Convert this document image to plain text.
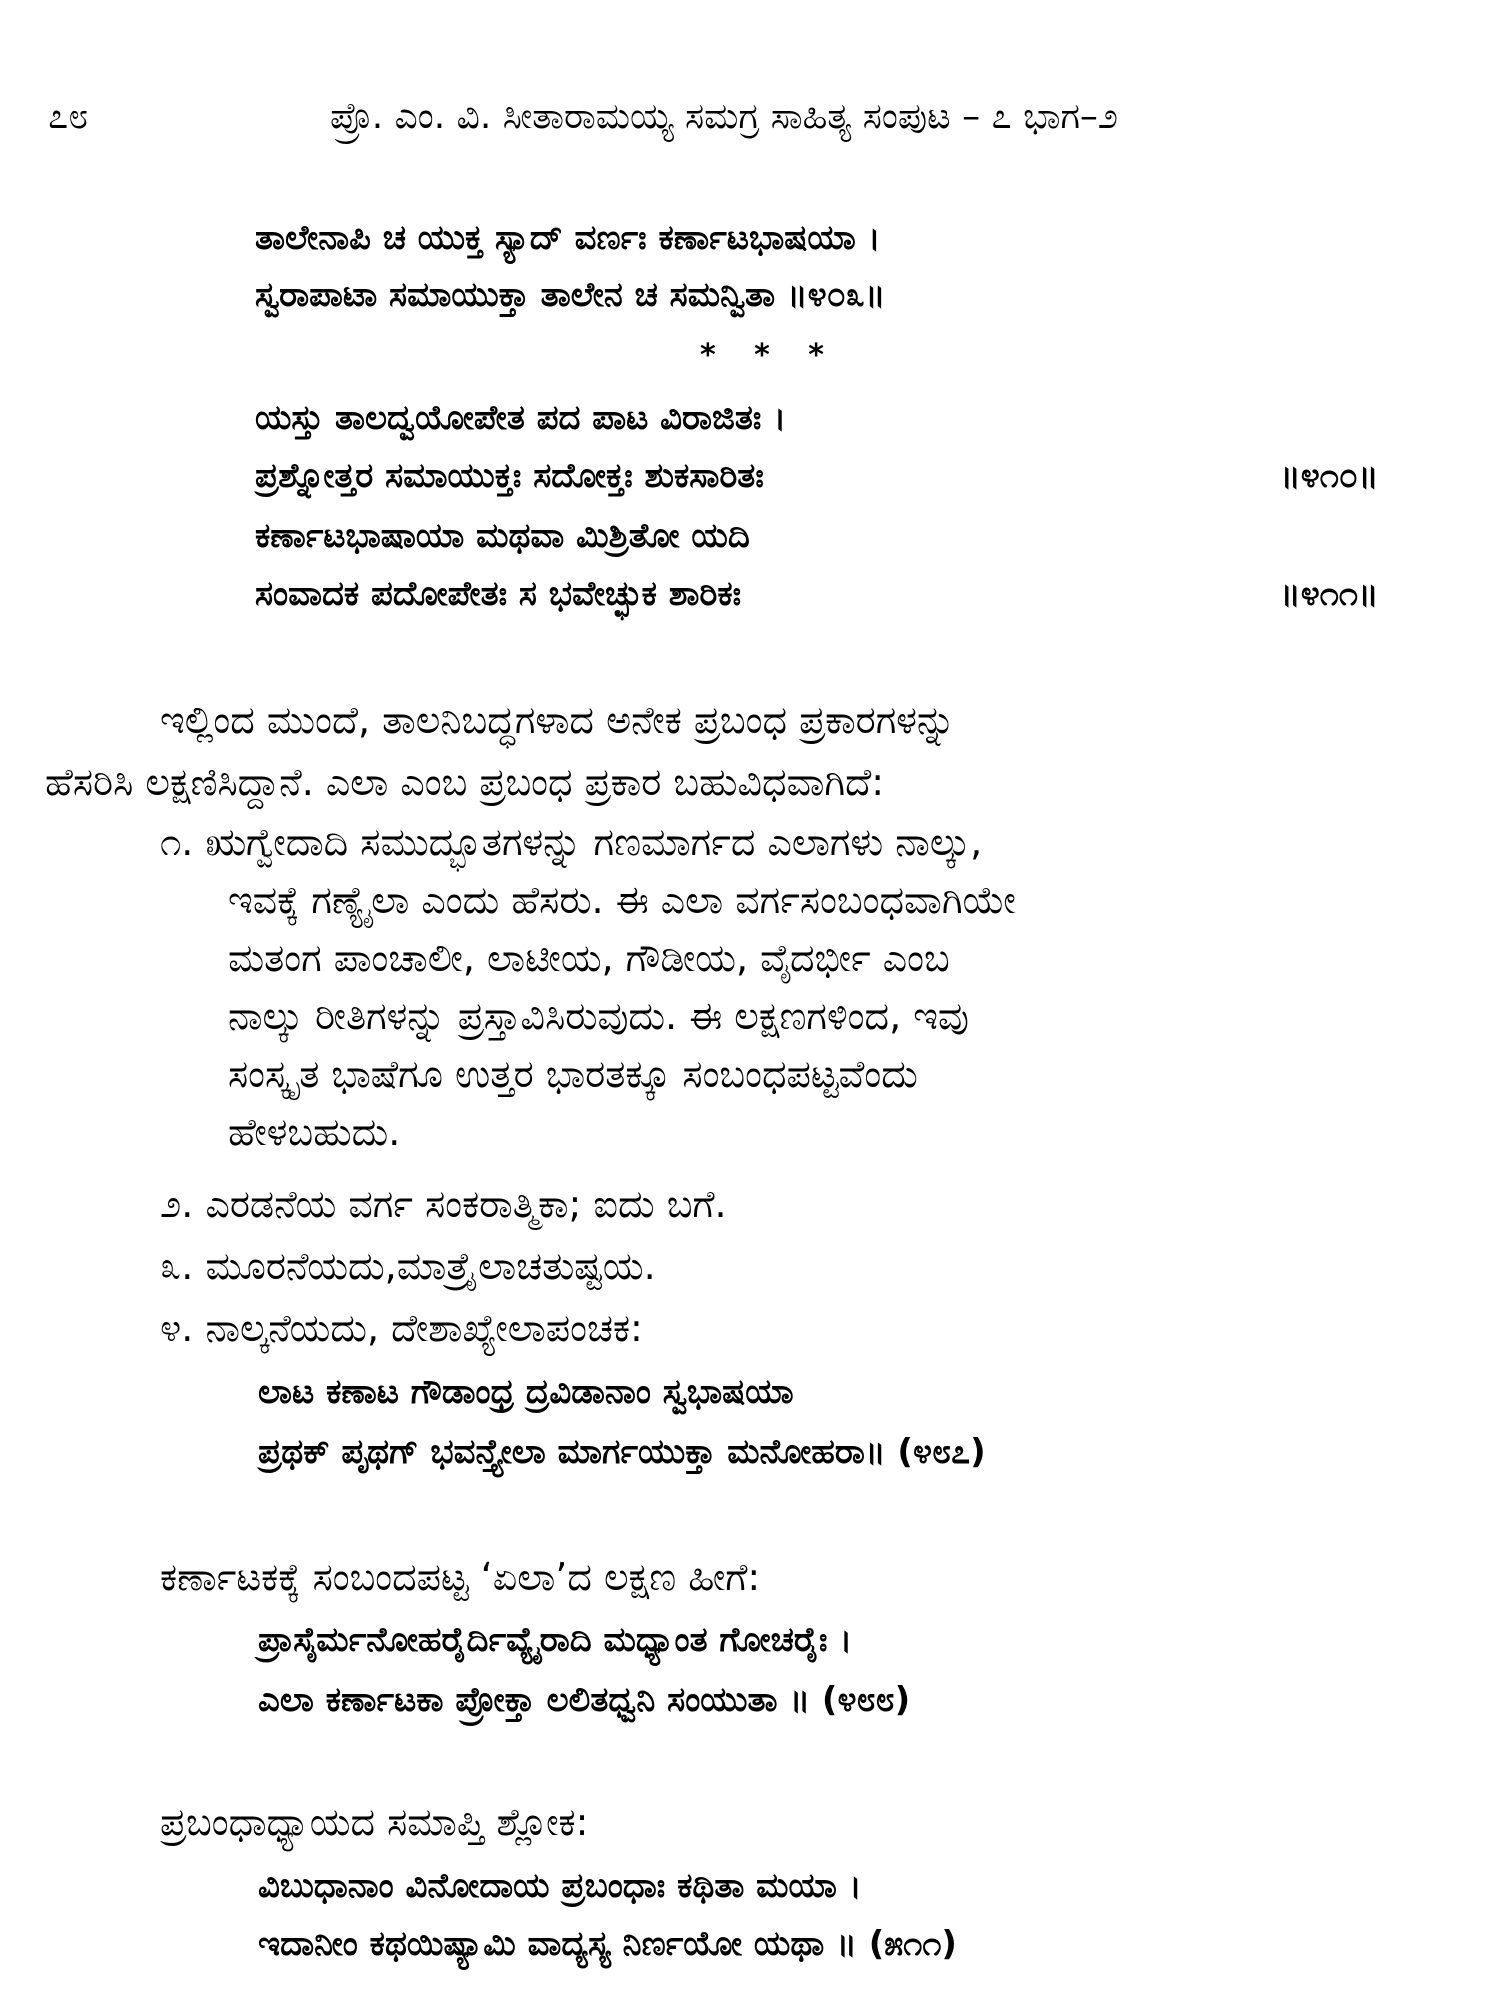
೭೮	ಪ್ರೊ. ಎಂ. ವಿ. ಸೀತಾರಾಮಯ್ಯ ಸಮಗ್ರ ಸಾಹಿತ್ಯ ಸಂಪುಟ – ೭ ಭಾಗ–೨
ತಾಲೇನಾಪಿ ಚ ಯುಕ್ತ ಸ್ಯಾದ್ ವರ್ಣಃ ಕರ್ಣಾಟಭಾಷಯಾ ।
ಸ್ವರಾಪಾಟಾ ಸಮಾಯುಕ್ತಾ ತಾಲೇನ ಚ ಸಮನ್ವಿತಾ ॥೪೦೩॥
* * *
ಯಸ್ತು ತಾಲದ್ವಯೋಪೇತ ಪದ ಪಾಟ ವಿರಾಜಿತಃ ।
ಪ್ರಶ್ನೋತ್ತರ ಸಮಾಯುಕ್ತಃ ಸದೋಕ್ತಃ ಶುಕಸಾರಿತಃ	॥೪೧೦॥
ಕರ್ಣಾಟಭಾಷಾಯಾ ಮಥವಾ ಮಿಶ್ರಿತೋ ಯದಿ
ಸಂವಾದಕ ಪದೋಪೇತಃ ಸ ಭವೇಚ್ಛುಕ ಶಾರಿಕಃ	॥೪೧೧॥
ಇಲ್ಲಿಂದ ಮುಂದೆ, ತಾಲನಿಬದ್ಧಗಳಾದ ಅನೇಕ ಪ್ರಬಂಧ ಪ್ರಕಾರಗಳನ್ನು
ಹೆಸರಿಸಿ ಲಕ್ಷಣಿಸಿದ್ದಾನೆ. ಎಲಾ ಎಂಬ ಪ್ರಬಂಧ ಪ್ರಕಾರ ಬಹುವಿಧವಾಗಿದೆ:
೧. ಋಗ್ವೇದಾದಿ ಸಮುದ್ಭೂತಗಳನ್ನು ಗಣಮಾರ್ಗದ ಎಲಾಗಳು ನಾಲ್ಕು,
ಇವಕ್ಕೆ ಗಣ್ಯೈಲಾ ಎಂದು ಹೆಸರು. ಈ ಎಲಾ ವರ್ಗಸಂಬಂಧವಾಗಿಯೇ
ಮತಂಗ ಪಾಂಚಾಲೀ, ಲಾಟೀಯ, ಗೌಡೀಯ, ವೈದರ್ಭೀ ಎಂಬ
ನಾಲ್ಕು ರೀತಿಗಳನ್ನು ಪ್ರಸ್ತಾವಿಸಿರುವುದು. ಈ ಲಕ್ಷಣಗಳಿಂದ, ಇವು
ಸಂಸ್ಕೃತ ಭಾಷೆಗೂ ಉತ್ತರ ಭಾರತಕ್ಕೂ ಸಂಬಂಧಪಟ್ಟವೆಂದು
ಹೇಳಬಹುದು.
೨. ಎರಡನೆಯ ವರ್ಗ ಸಂಕರಾತ್ಮಿಕಾ; ಐದು ಬಗೆ.
೩. ಮೂರನೆಯದು,ಮಾತ್ರೈಲಾಚತುಷ್ಟಯ.
೪. ನಾಲ್ಕನೆಯದು, ದೇಶಾಖ್ಯೇಲಾಪಂಚಕ:
ಲಾಟ ಕಣಾಟ ಗೌಡಾಂಧ್ರ ದ್ರವಿಡಾನಾಂ ಸ್ವಭಾಷಯಾ
ಪ್ರಥಕ್ ಪೃಥಗ್ ಭವನ್ತ್ಯೇಲಾ ಮಾರ್ಗಯುಕ್ತಾ ಮನೋಹರಾ॥ (೪೮೭)
ಕರ್ಣಾಟಕಕ್ಕೆ ಸಂಬಂದಪಟ್ಟ ‘ಏಲಾ’ದ ಲಕ್ಷಣ ಹೀಗೆ:
ಪ್ರಾಸೈರ್ಮನೋಹರೈರ್ದಿವ್ಯೈರಾದಿ ಮಧ್ಯಾಂತ ಗೋಚರೈಃ ।
ಎಲಾ ಕರ್ಣಾಟಕಾ ಪ್ರೋಕ್ತಾ ಲಲಿತಧ್ವನಿ ಸಂಯುತಾ ॥ (೪೮೮)
ಪ್ರಬಂಧಾಧ್ಯಾಯದ ಸಮಾಪ್ತಿ ಶ್ಲೋಕ:
ವಿಬುಧಾನಾಂ ವಿನೋದಾಯ ಪ್ರಬಂಧಾಃ ಕಥಿತಾ ಮಯಾ ।
ಇದಾನೀಂ ಕಥಯಿಷ್ಯಾಮಿ ವಾದ್ಯಸ್ಯ ನಿರ್ಣಯೋ ಯಥಾ ॥ (೫೧೧)
